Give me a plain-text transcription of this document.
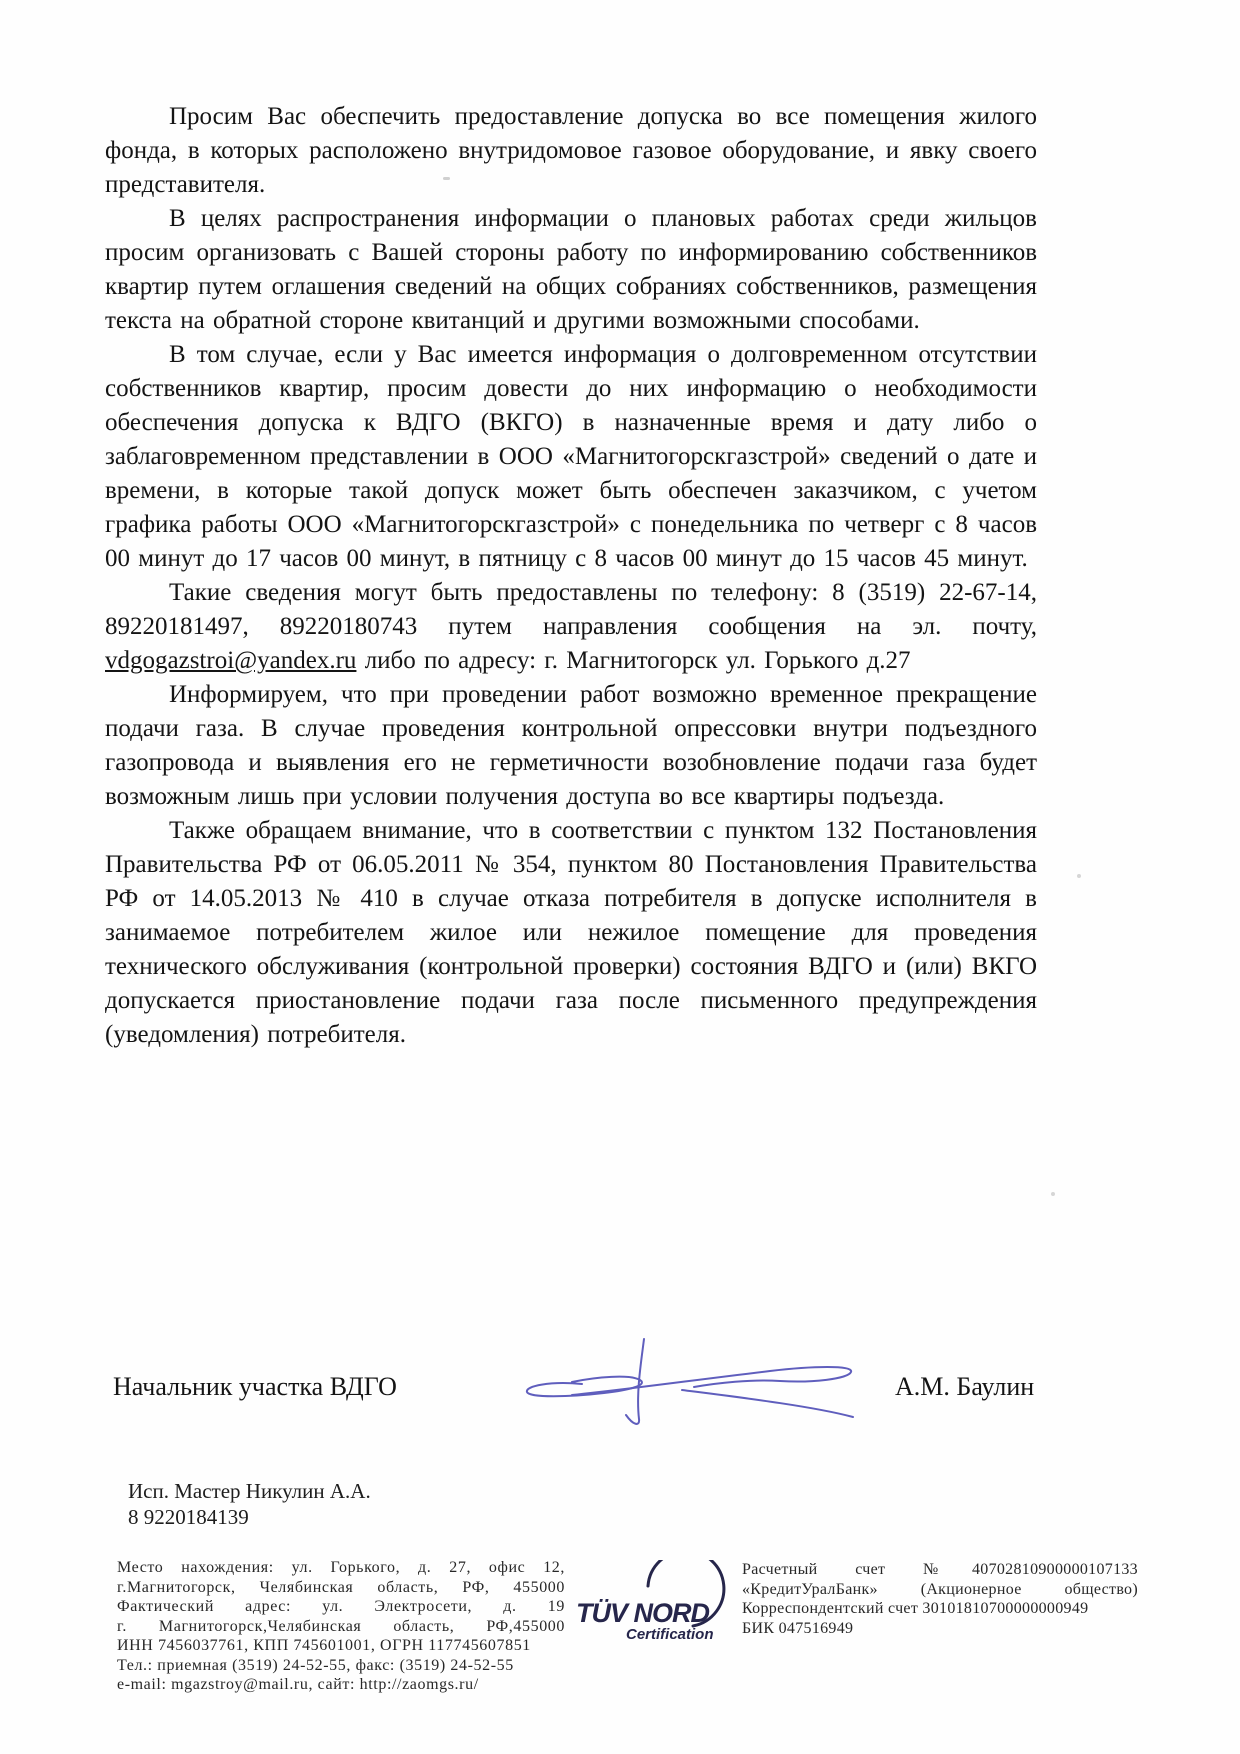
Просим Вас обеспечить предоставление допуска во все помещения жилого фонда, в которых расположено внутридомовое газовое оборудование, и явку своего представителя.

В целях распространения информации о плановых работах среди жильцов просим организовать с Вашей стороны работу по информированию собственников квартир путем оглашения сведений на общих собраниях собственников, размещения текста на обратной стороне квитанций и другими возможными способами.

В том случае, если у Вас имеется информация о долговременном отсутствии собственников квартир, просим довести до них информацию о необходимости обеспечения допуска к ВДГО (ВКГО) в назначенные время и дату либо о заблаговременном представлении в ООО «Магнитогорскгазстрой» сведений о дате и времени, в которые такой допуск может быть обеспечен заказчиком, с учетом графика работы ООО «Магнитогорскгазстрой» с понедельника по четверг с 8 часов 00 минут до 17 часов 00 минут, в пятницу с 8 часов 00 минут до 15 часов 45 минут.

Такие сведения могут быть предоставлены по телефону: 8 (3519) 22-67-14, 89220181497, 89220180743 путем направления сообщения на эл. почту, vdgogazstroi@yandex.ru либо по адресу: г. Магнитогорск ул. Горького д.27

Информируем, что при проведении работ возможно временное прекращение подачи газа. В случае проведения контрольной опрессовки внутри подъездного газопровода и выявления его не герметичности возобновление подачи газа будет возможным лишь при условии получения доступа во все квартиры подъезда.

Также обращаем внимание, что в соответствии с пунктом 132 Постановления Правительства РФ от 06.05.2011 № 354, пунктом 80 Постановления Правительства РФ от 14.05.2013 № 410 в случае отказа потребителя в допуске исполнителя в занимаемое потребителем жилое или нежилое помещение для проведения технического обслуживания (контрольной проверки) состояния ВДГО и (или) ВКГО допускается приостановление подачи газа после письменного предупреждения (уведомления) потребителя.

Начальник участка ВДГО	А.М. Баулин
Исп. Мастер Никулин А.А.
8 9220184139
Место нахождения: ул. Горького, д. 27, офис 12,
г.Магнитогорск, Челябинская область, РФ, 455000
Фактический адрес: ул. Электросети, д. 19
г. Магнитогорск,Челябинская область, РФ,455000
ИНН 7456037761, КПП 745601001, ОГРН 117745607851
Тел.: приемная (3519) 24-52-55, факс: (3519) 24-52-55
e-mail: mgazstroy@mail.ru, сайт: http://zaomgs.ru/
TÜV NORD
Certification
Расчетный счет №40702810900000107133
«КредитУралБанк» (Акционерное общество)
Корреспондентский счет 30101810700000000949
БИК 047516949
